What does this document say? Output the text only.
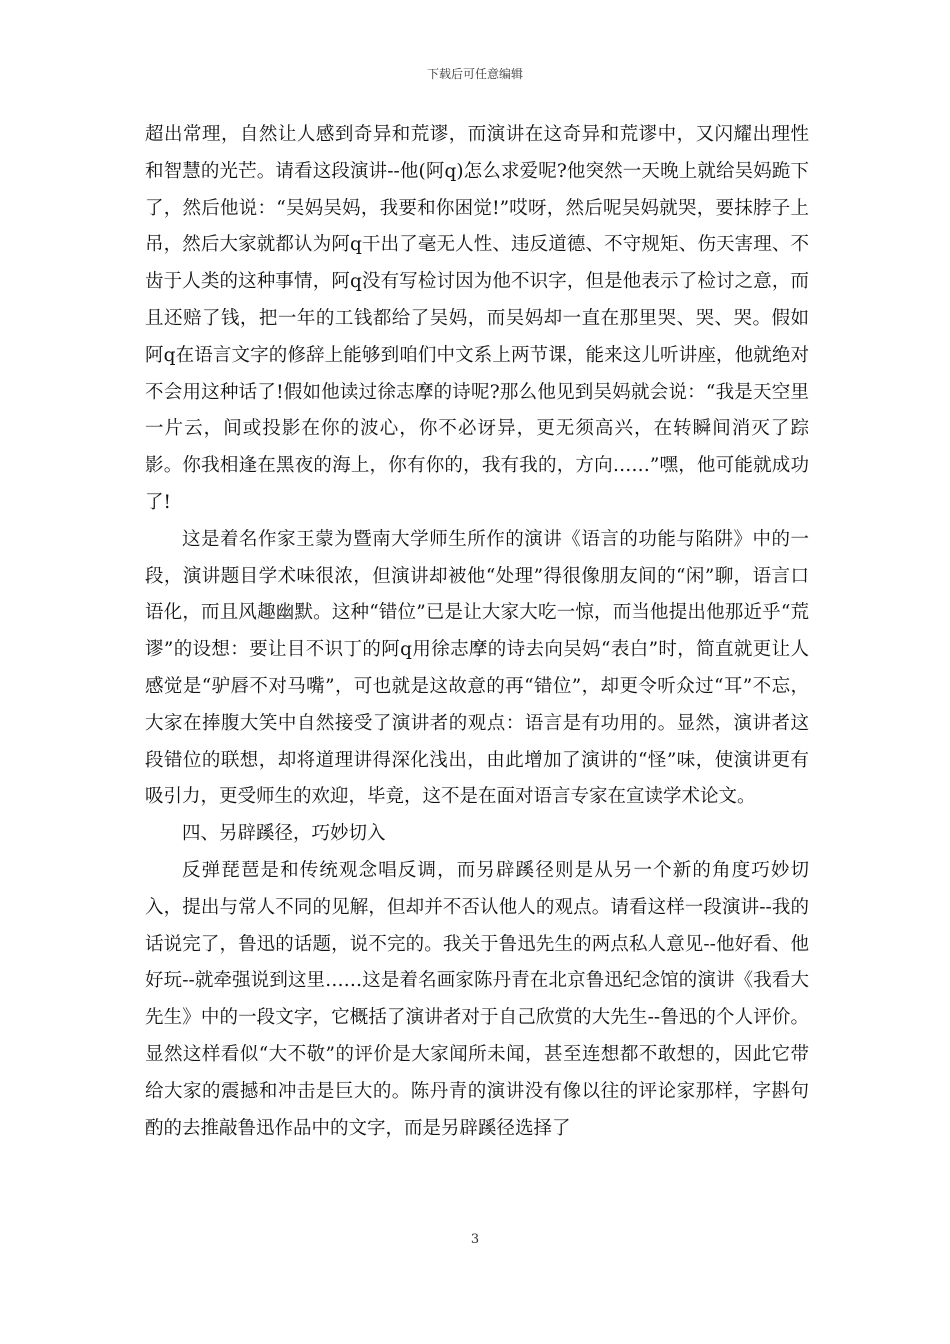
下载后可任意编辑

超出常理，自然让人感到奇异和荒谬，而演讲在这奇异和荒谬中，又闪耀出理性和智慧的光芒。请看这段演讲--他(阿q)怎么求爱呢?他突然一天晚上就给吴妈跪下了，然后他说：“吴妈吴妈，我要和你困觉!”哎呀，然后呢吴妈就哭，要抹脖子上吊，然后大家就都认为阿q干出了毫无人性、违反道德、不守规矩、伤天害理、不齿于人类的这种事情，阿q没有写检讨因为他不识字，但是他表示了检讨之意，而且还赔了钱，把一年的工钱都给了吴妈，而吴妈却一直在那里哭、哭、哭。假如阿q在语言文字的修辞上能够到咱们中文系上两节课，能来这儿听讲座，他就绝对不会用这种话了!假如他读过徐志摩的诗呢?那么他见到吴妈就会说：“我是天空里一片云，间或投影在你的波心，你不必讶异，更无须高兴，在转瞬间消灭了踪影。你我相逢在黑夜的海上，你有你的，我有我的，方向……”嘿，他可能就成功了!

这是着名作家王蒙为暨南大学师生所作的演讲《语言的功能与陷阱》中的一段，演讲题目学术味很浓，但演讲却被他“处理”得很像朋友间的“闲”聊，语言口语化，而且风趣幽默。这种“错位”已是让大家大吃一惊，而当他提出他那近乎“荒谬”的设想：要让目不识丁的阿q用徐志摩的诗去向吴妈“表白”时，简直就更让人感觉是“驴唇不对马嘴”，可也就是这故意的再“错位”，却更令听众过“耳”不忘，大家在捧腹大笑中自然接受了演讲者的观点：语言是有功用的。显然，演讲者这段错位的联想，却将道理讲得深化浅出，由此增加了演讲的“怪”味，使演讲更有吸引力，更受师生的欢迎，毕竟，这不是在面对语言专家在宣读学术论文。

四、另辟蹊径，巧妙切入

反弹琵琶是和传统观念唱反调，而另辟蹊径则是从另一个新的角度巧妙切入，提出与常人不同的见解，但却并不否认他人的观点。请看这样一段演讲--我的话说完了，鲁迅的话题，说不完的。我关于鲁迅先生的两点私人意见--他好看、他好玩--就牵强说到这里……这是着名画家陈丹青在北京鲁迅纪念馆的演讲《我看大先生》中的一段文字，它概括了演讲者对于自己欣赏的大先生--鲁迅的个人评价。显然这样看似“大不敬”的评价是大家闻所未闻，甚至连想都不敢想的，因此它带给大家的震撼和冲击是巨大的。陈丹青的演讲没有像以往的评论家那样，字斟句酌的去推敲鲁迅作品中的文字，而是另辟蹊径选择了

3
